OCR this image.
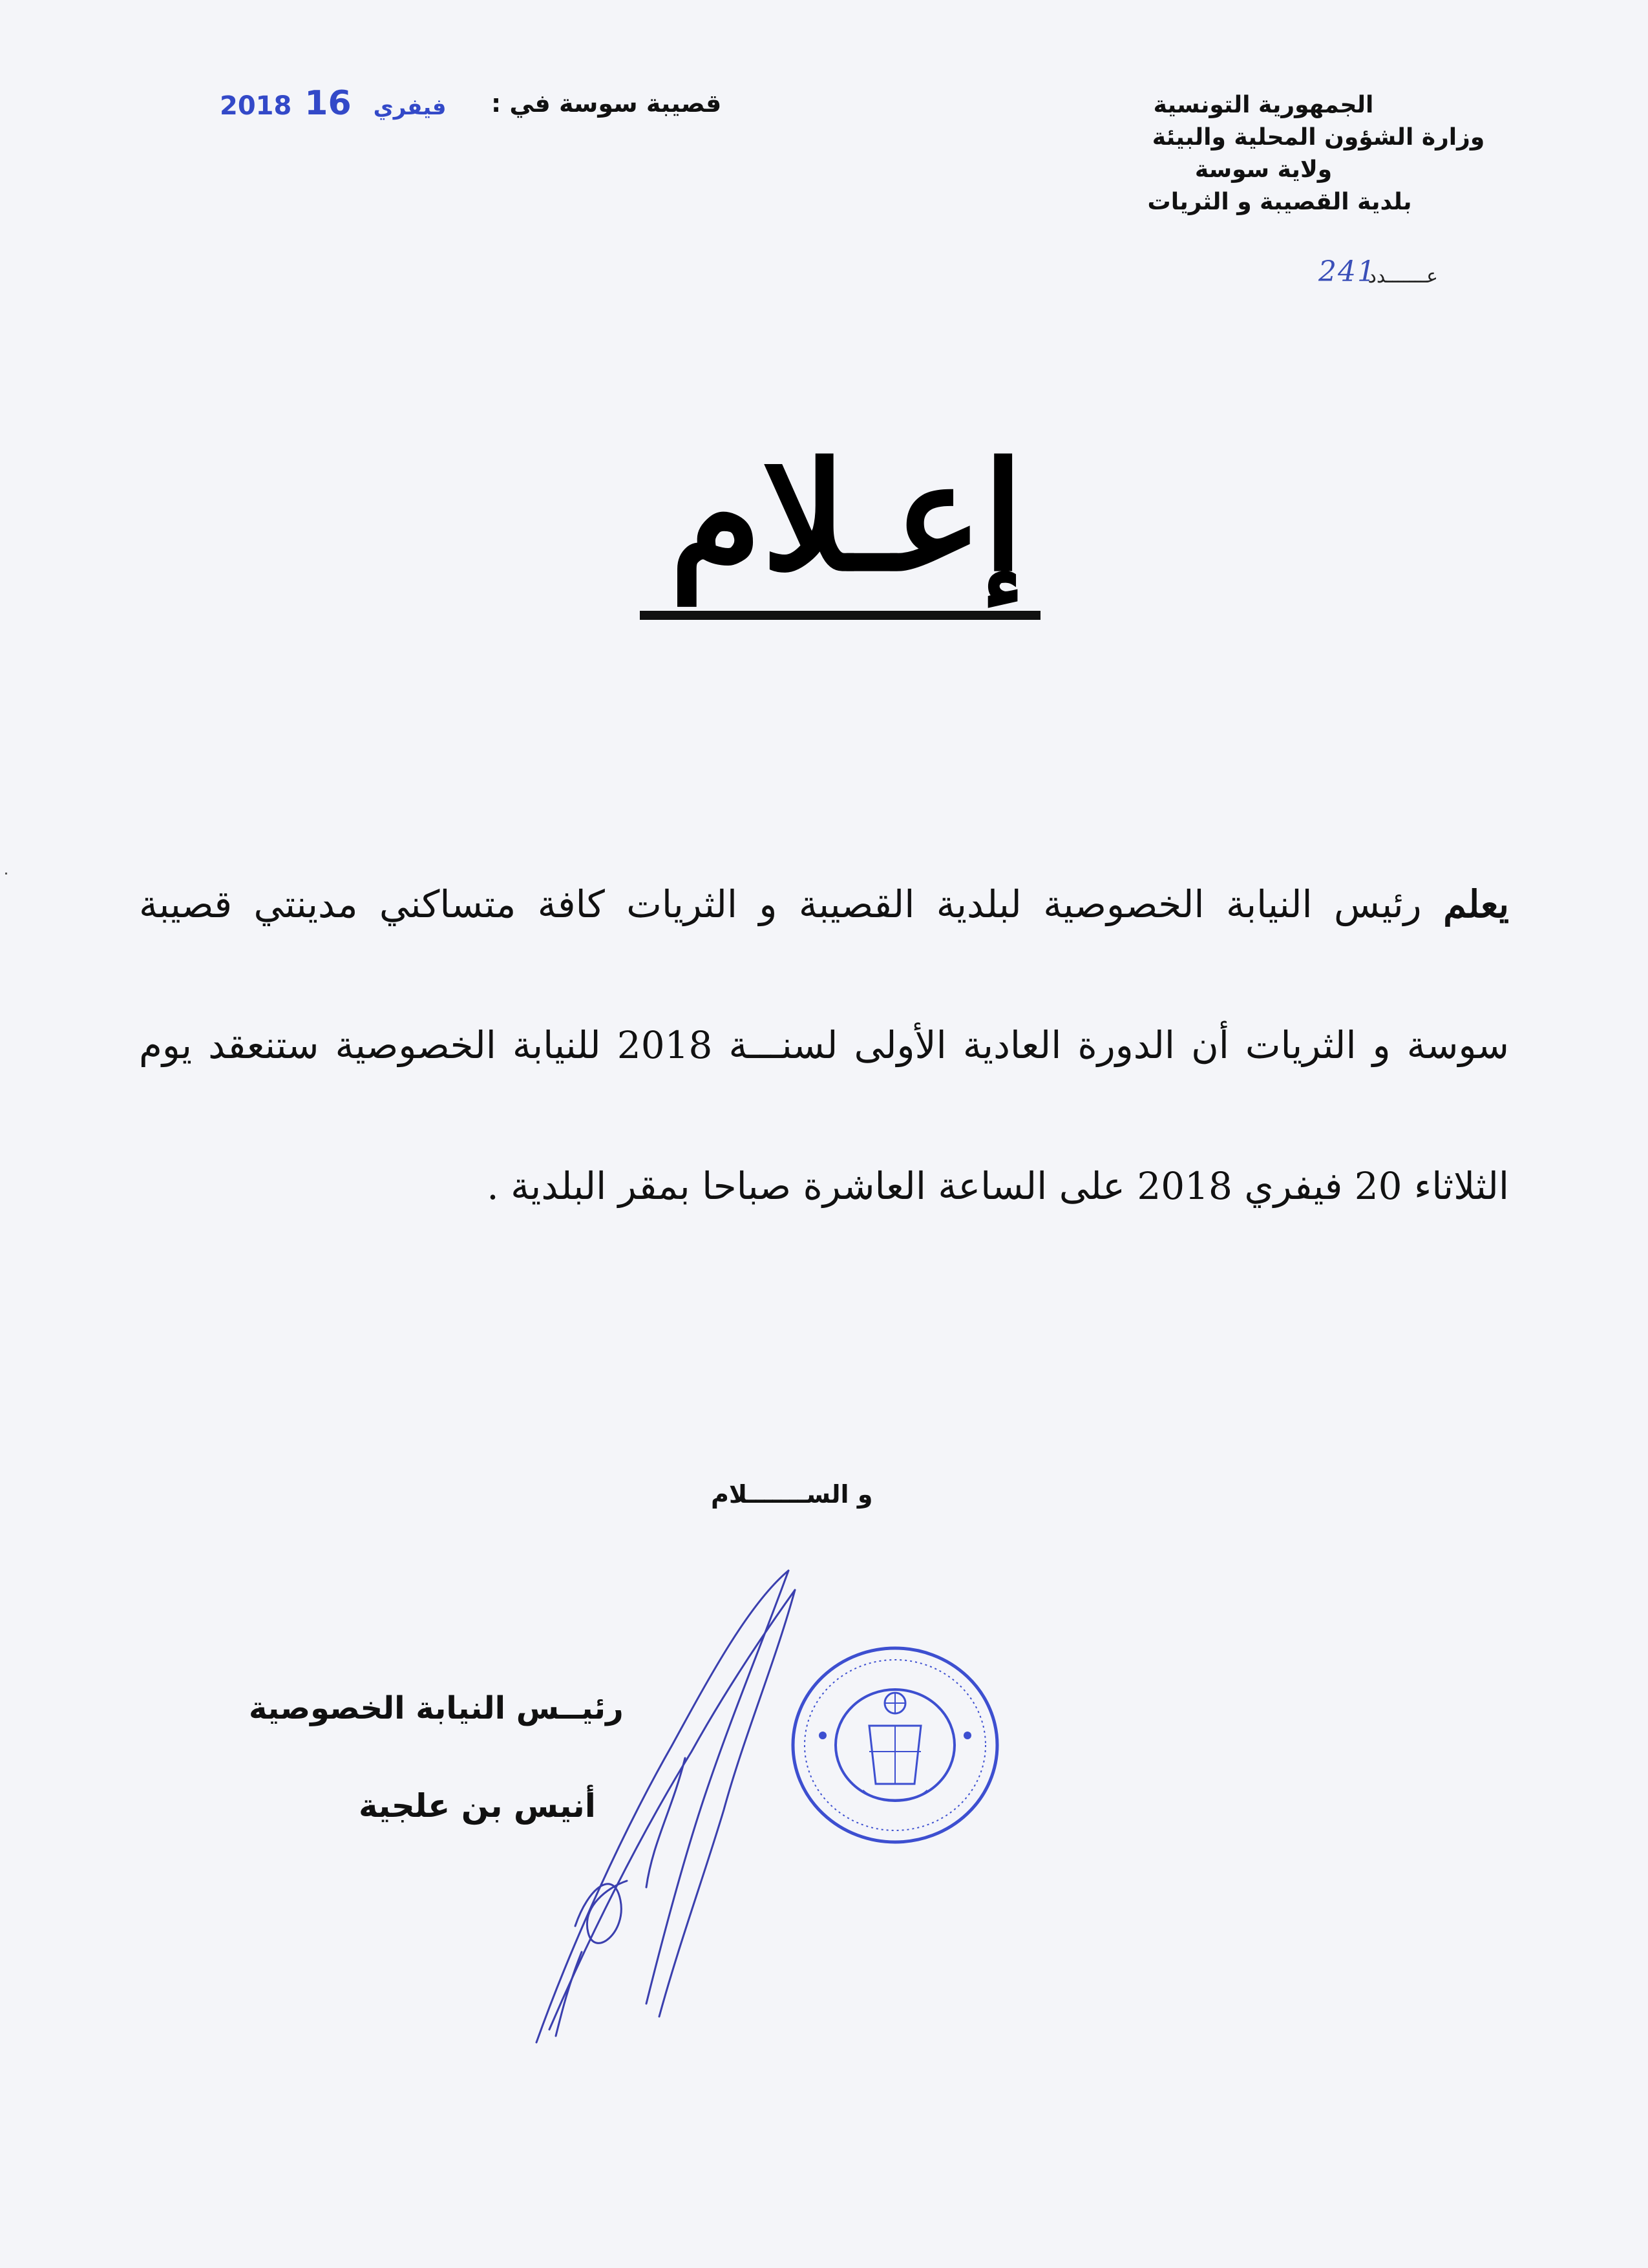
الجمهورية التونسية
وزارة الشؤون المحلية والبيئة
ولاية سوسة
بلدية القصيبة و الثريات
عـــــــدد
241
قصيبة سوسة في :
2018	فيفري 16
إعـلام
يعلم رئيس النيابة الخصوصية لبلدية القصيبة و الثريات كافة متساكني مدينتي قصيبة سوسة و الثريات أن الدورة العادية الأولى لسنـــة 2018 للنيابة الخصوصية ستنعقد يوم الثلاثاء 20 فيفري 2018 على الساعة العاشرة صباحا بمقر البلدية .
و الســـــــلام
رئيــس النيابة الخصوصية
أنيس بن علجية
